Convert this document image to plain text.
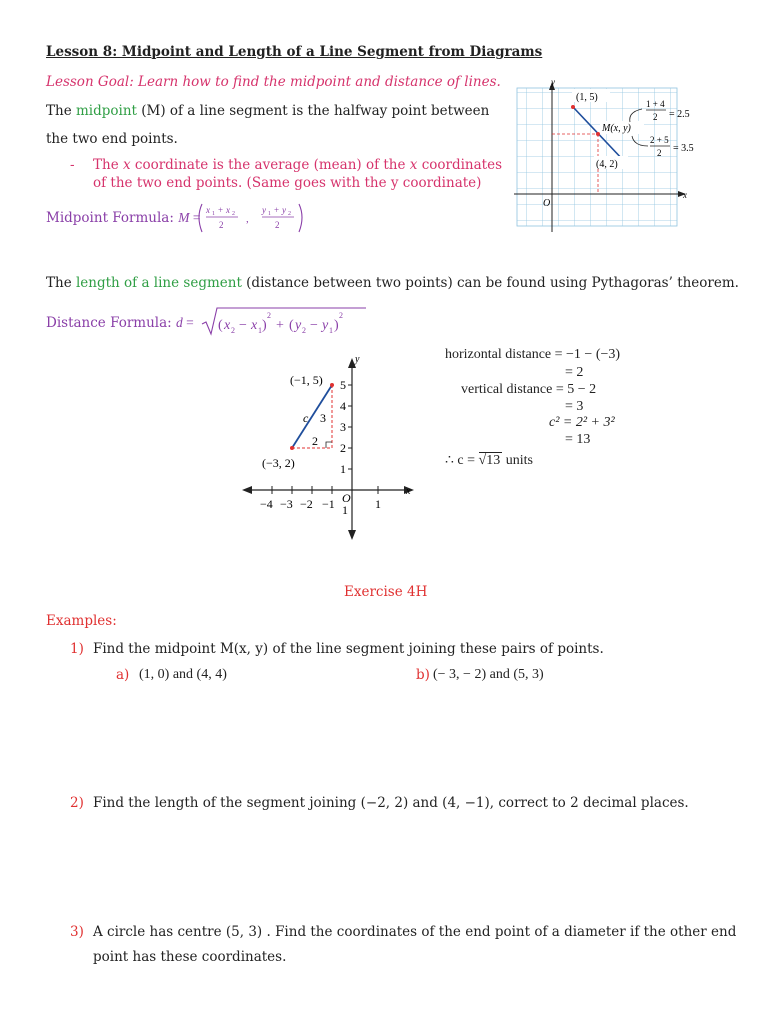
Lesson 8: Midpoint and Length of a Line Segment from Diagrams
Lesson Goal: Learn how to find the midpoint and distance of lines.
The midpoint (M) of a line segment is the halfway point between
the two end points.
- The x coordinate is the average (mean) of the x coordinates
of the two end points. (Same goes with the y coordinate)
Midpoint Formula: M = x 1 + x 2
2 ,
y 1 + y 2
2
y
x
O
(1, 5)
(4, 2)
M(x, y)
1 + 4
2 = 2.5
2 + 5
2 = 3.5
The length of a line segment (distance between two points) can be found using Pythagoras’ theorem.
Distance Formula: d = ( x 2 − x 1 )
2
+ ( y 2 − y 1 )
2
y
x
O
−4 −3 −2 −1	1
5
4
3
2
1
1
(−1, 5)
(−3, 2)
c 3
2
horizontal distance = −1 − (−3)
= 2
vertical distance = 5 − 2
= 3
c² = 2² + 3²
= 13
∴ c = √13 units
Exercise 4H
Examples:
1) Find the midpoint M(x, y) of the line segment joining these pairs of points.
a) (1, 0) and (4, 4)	b) (− 3, − 2) and (5, 3)
2) Find the length of the segment joining (−2, 2) and (4, −1), correct to 2 decimal places.
3) A circle has centre (5, 3) . Find the coordinates of the end point of a diameter if the other end
point has these coordinates.
